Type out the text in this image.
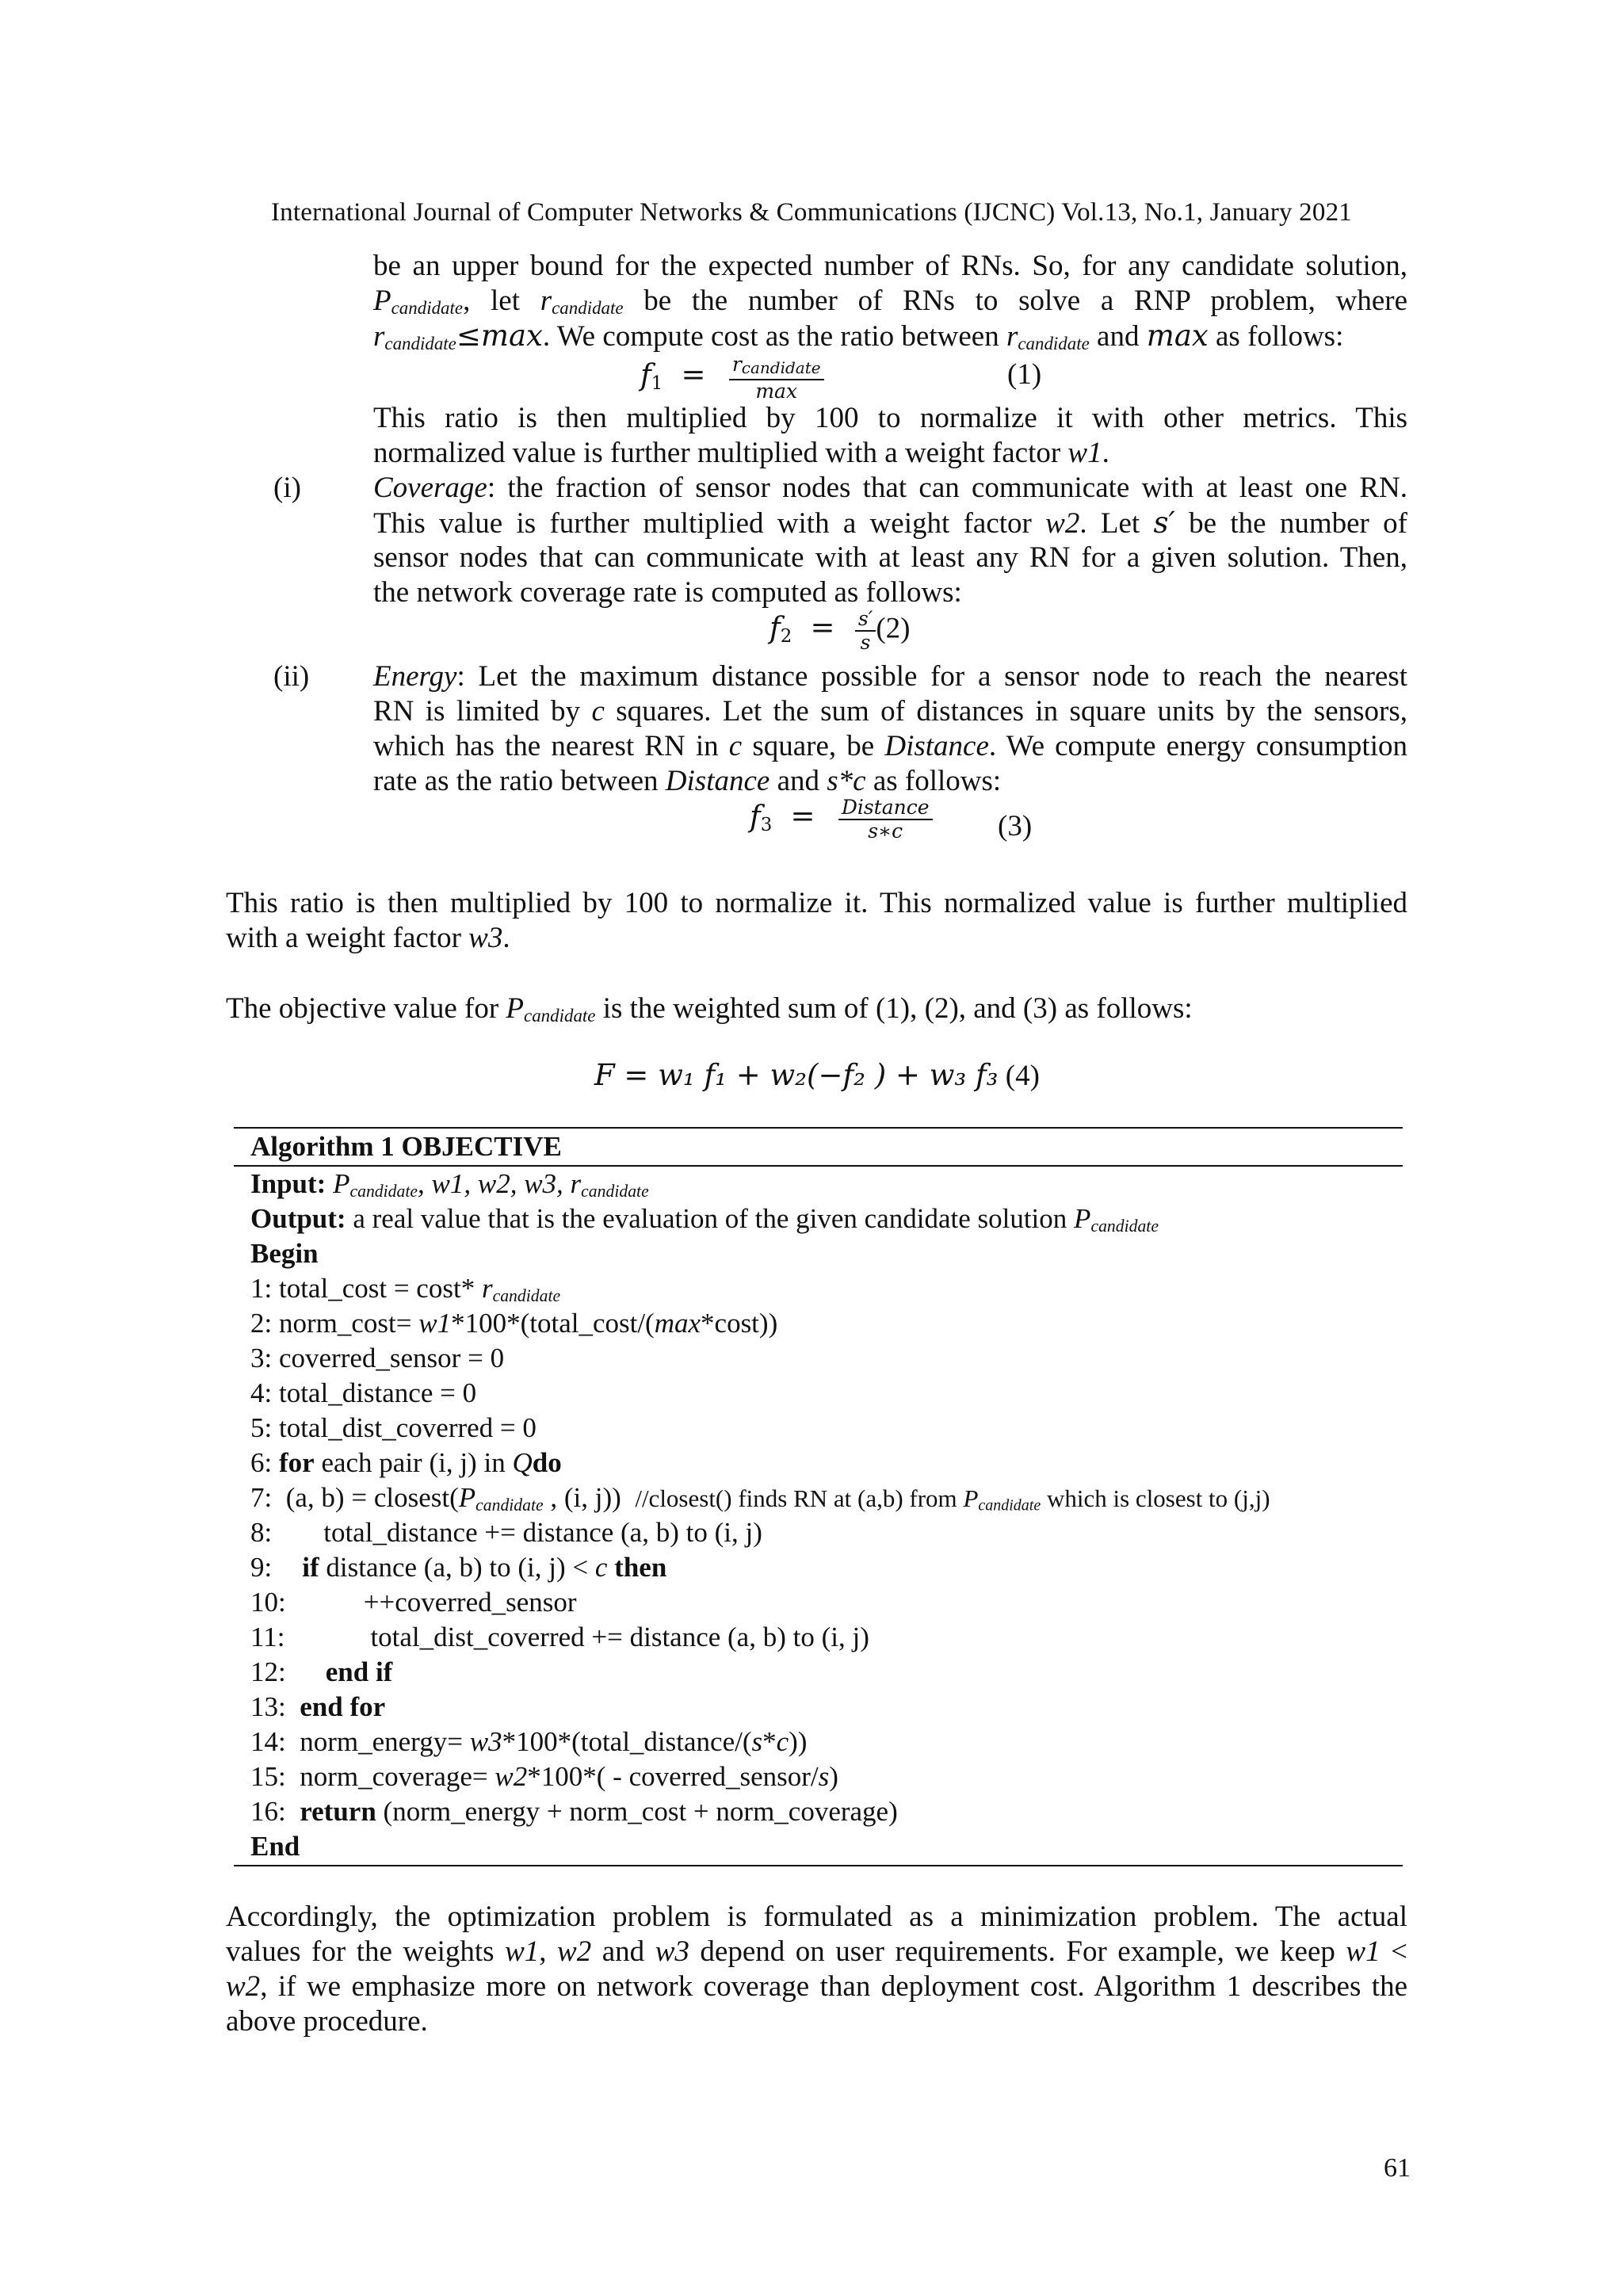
International Journal of Computer Networks & Communications (IJCNC) Vol.13, No.1, January 2021
be an upper bound for the expected number of RNs. So, for any candidate solution,
$P_{candidate}$, let $r_{candidate}$ be the number of RNs to solve a RNP problem, where
$r_{candidate}\le\max$. We compute cost as the ratio between $r_{candidate}$ and max as follows:
$f1 = \frac{\text{rcandidate}}{\max}$	(1)
This ratio is then multiplied by 100 to normalize it with other metrics. This
normalized value is further multiplied with a weight factor w1.
(i) Coverage: the fraction of sensor nodes that can communicate with at least one RN.
This value is further multiplied with a weight factor w2. Let s′ be the number of
sensor nodes that can communicate with at least any RN for a given solution. Then,
the network coverage rate is computed as follows:
$f2 = \frac{s'}{s} (2)$
(ii) Energy: Let the maximum distance possible for a sensor node to reach the nearest
RN is limited by c squares. Let the sum of distances in square units by the sensors,
which has the nearest RN in c square, be Distance. We compute energy consumption
rate as the ratio between Distance and s*c as follows:
$f3 = \frac{\text{Distance}}{s∗c} (3)$
This ratio is then multiplied by 100 to normalize it. This normalized value is further multiplied
with a weight factor w3.
The objective value for $P_{candidate}$ is the weighted sum of (1), (2), and (3) as follows:
F = w₁ f₁ + w₂(−f₂ ) + w₃ f₃ (4)
Algorithm 1 OBJECTIVE
Input: $P_{candidate}$, w1, w2, w3, $r_{candidate}$
Output: a real value that is the evaluation of the given candidate solution $P_{candidate}$
Begin
1: total_cost = cost* $r_{candidate}$
2: norm_cost= w1*100*(total_cost/(max*cost))
3: coverred_sensor = 0
4: total_distance = 0
5: total_dist_coverred = 0
6: for each pair (i, j) in Qdo
7: (a, $b) = closest(P_{candidate}$ , (i, j)) //closest() finds RN at (a,b) from $P_{candidate}$ which is closest to (j,j)
8: total_distance += distance (a, b) to (i, j)
9: if distance (a, b) to (i, j) < c then
10:	++coverred_sensor
11:	total_dist_coverred += distance (a, b) to (i, j)
12: end if
13: end for
14: norm_energy= w3*100*(total_distance/(s*c))
15: norm_coverage= w2*100*( - coverred_sensor/s)
16: return (norm_energy + norm_cost + norm_coverage)
End
Accordingly, the optimization problem is formulated as a minimization problem. The actual
values for the weights w1, w2 and w3 depend on user requirements. For example, we keep w1 <
w2, if we emphasize more on network coverage than deployment cost. Algorithm 1 describes the
above procedure.
61
